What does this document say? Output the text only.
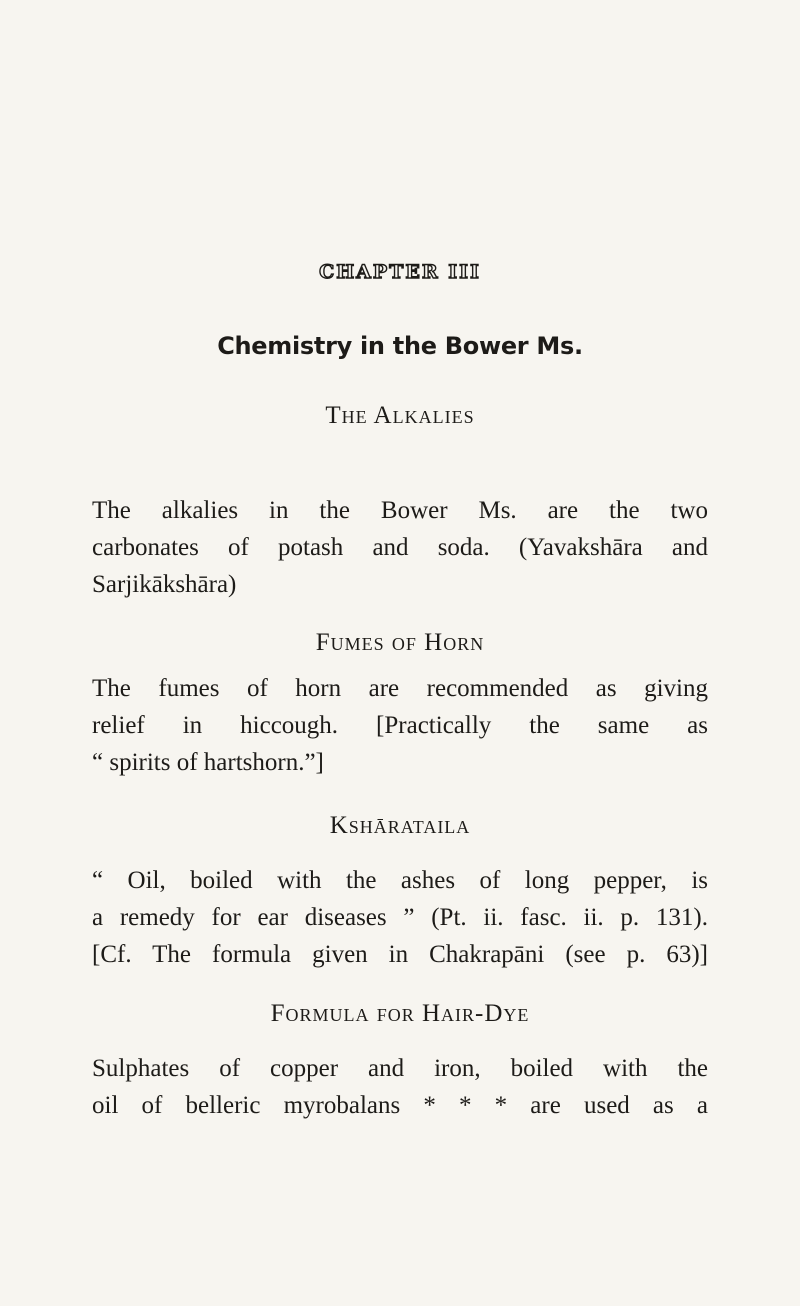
CHAPTER III
Chemistry in the Bower Ms.
The Alkalies
The alkalies in the Bower Ms. are the two
carbonates of potash and soda. (Yavakshāra and
Sarjikākshāra)
Fumes of Horn
The fumes of horn are recommended as giving
relief in hiccough. [Practically the same as
“ spirits of hartshorn.”]
Kshārataila
“ Oil, boiled with the ashes of long pepper, is
a remedy for ear diseases ” (Pt. ii. fasc. ii. p. 131).
[Cf. The formula given in Chakrapāni (see p. 63)]
Formula for Hair-Dye
Sulphates of copper and iron, boiled with the
oil of belleric myrobalans * * * are used as a
